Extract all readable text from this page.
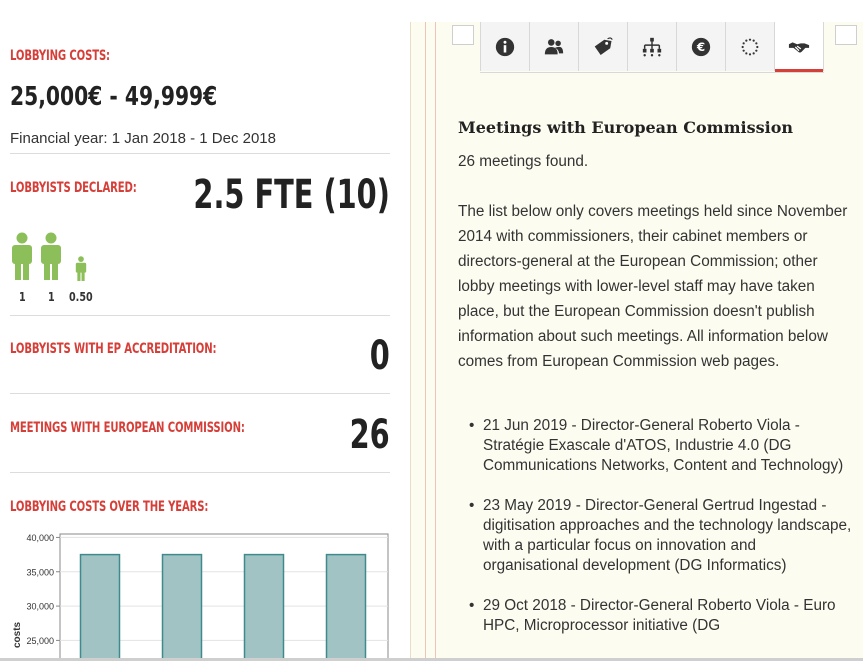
LOBBYING COSTS:
25,000€ - 49,999€
Financial year: 1 Jan 2018 - 1 Dec 2018
LOBBYISTS DECLARED: 2.5 FTE (10)
1 1 0.50
LOBBYISTS WITH EP ACCREDITATION:	0
MEETINGS WITH EUROPEAN COMMISSION:	26
LOBBYING COSTS OVER THE YEARS:
25,000
30,000
35,000
40,000
costs
€
Meetings with European Commission
26 meetings found.
The list below only covers meetings held since November 2014 with commissioners, their cabinet members or directors-general at the European Commission; other lobby meetings with lower-level staff may have taken place, but the European Commission doesn't publish information about such meetings. All information below comes from European Commission web pages.
• 21 Jun 2019 - Director-General Roberto Viola - Stratégie Exascale d'ATOS, Industrie 4.0 (DG Communications Networks, Content and Technology)
• 23 May 2019 - Director-General Gertrud Ingestad - digitisation approaches and the technology landscape, with a particular focus on innovation and organisational development (DG Informatics)
• 29 Oct 2018 - Director-General Roberto Viola - Euro HPC, Microprocessor initiative (DG
